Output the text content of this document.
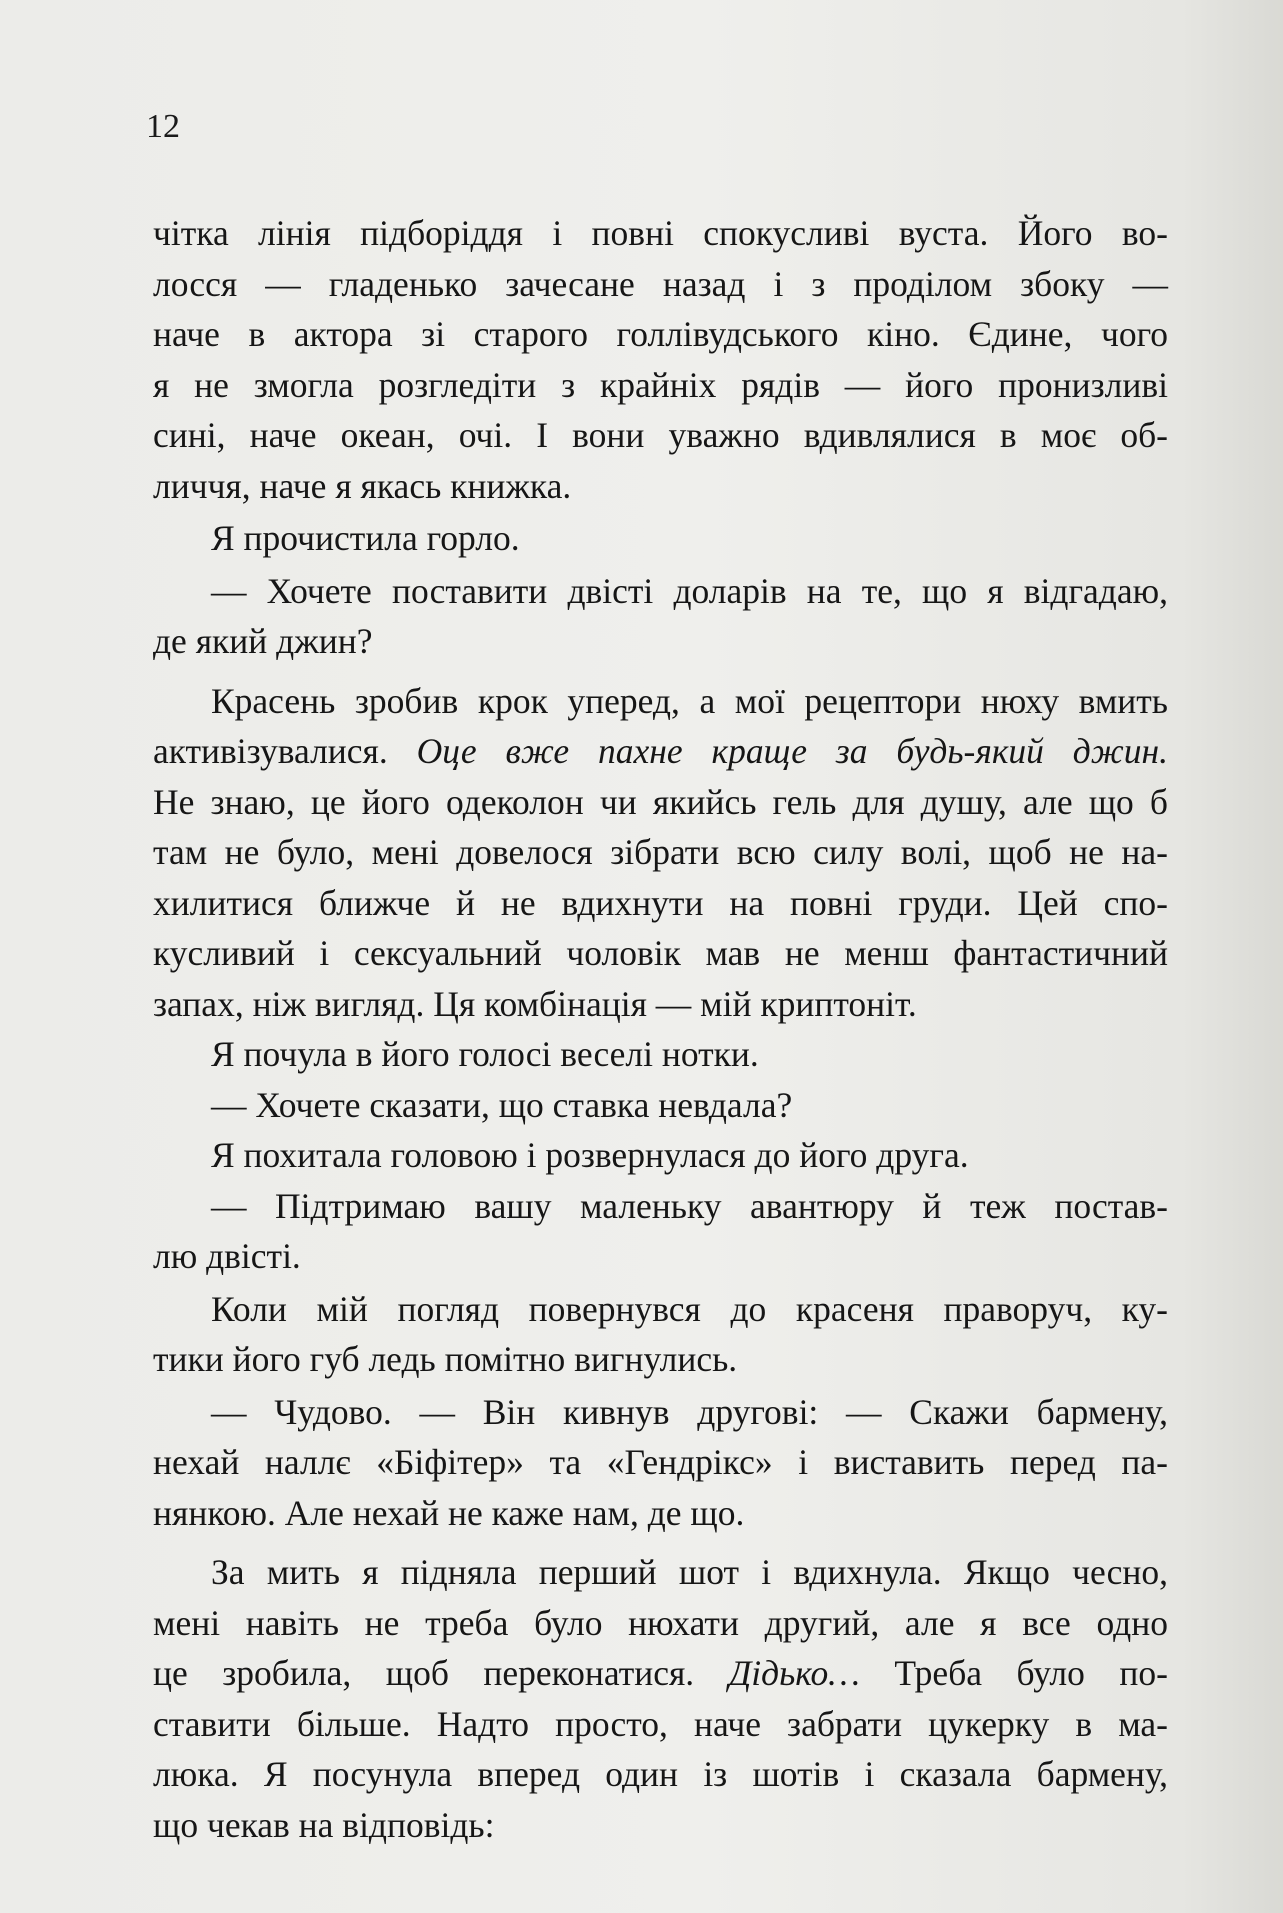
12
чітка лінія підборіддя і повні спокусливі вуста. Його во-
лосся — гладенько зачесане назад і з проділом збоку —
наче в актора зі старого голлівудського кіно. Єдине, чого
я не змогла розгледіти з крайніх рядів — його пронизливі
сині, наче океан, очі. І вони уважно вдивлялися в моє об-
личчя, наче я якась книжка.
Я прочистила горло.
— Хочете поставити двісті доларів на те, що я відгадаю,
де який джин?
Красень зробив крок уперед, а мої рецептори нюху вмить
активізувалися. Оце вже пахне краще за будь-який джин.
Не знаю, це його одеколон чи якийсь гель для душу, але що б
там не було, мені довелося зібрати всю силу волі, щоб не на-
хилитися ближче й не вдихнути на повні груди. Цей спо-
кусливий і сексуальний чоловік мав не менш фантастичний
запах, ніж вигляд. Ця комбінація — мій криптоніт.
Я почула в його голосі веселі нотки.
— Хочете сказати, що ставка невдала?
Я похитала головою і розвернулася до його друга.
— Підтримаю вашу маленьку авантюру й теж постав-
лю двісті.
Коли мій погляд повернувся до красеня праворуч, ку-
тики його губ ледь помітно вигнулись.
— Чудово. — Він кивнув другові: — Скажи бармену,
нехай наллє «Біфітер» та «Гендрікс» і виставить перед па-
нянкою. Але нехай не каже нам, де що.
За мить я підняла перший шот і вдихнула. Якщо чесно,
мені навіть не треба було нюхати другий, але я все одно
це зробила, щоб переконатися. Дідько… Треба було по-
ставити більше. Надто просто, наче забрати цукерку в ма-
люка. Я посунула вперед один із шотів і сказала бармену,
що чекав на відповідь:
